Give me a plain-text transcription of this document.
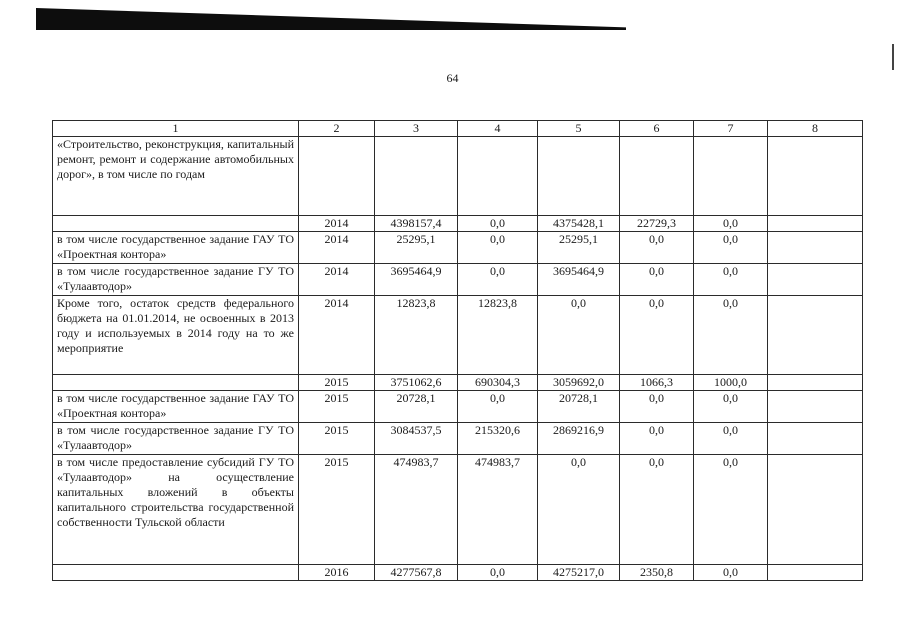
64
1	2	3	4	5	6	7	8
«Строительство, реконструкция, капитальный ремонт, ремонт и содержание автомобильных дорог», в том числе по годам							
	2014	4398157,4	0,0	4375428,1	22729,3	0,0	
в том числе государственное задание ГАУ ТО «Проектная контора»	2014	25295,1	0,0	25295,1	0,0	0,0	
в том числе государственное задание ГУ ТО «Тулаавтодор»	2014	3695464,9	0,0	3695464,9	0,0	0,0	
Кроме того, остаток средств федерального бюджета на 01.01.2014, не освоенных в 2013 году и используемых в 2014 году на то же мероприятие	2014	12823,8	12823,8	0,0	0,0	0,0	
	2015	3751062,6	690304,3	3059692,0	1066,3	1000,0	
в том числе государственное задание ГАУ ТО «Проектная контора»	2015	20728,1	0,0	20728,1	0,0	0,0	
в том числе государственное задание ГУ ТО «Тулаавтодор»	2015	3084537,5	215320,6	2869216,9	0,0	0,0	
в том числе предоставление субсидий ГУ ТО «Тулаавтодор» на осуществление капитальных вложений в объекты капитального строительства государственной собственности Тульской области	2015	474983,7	474983,7	0,0	0,0	0,0	
	2016	4277567,8	0,0	4275217,0	2350,8	0,0	
